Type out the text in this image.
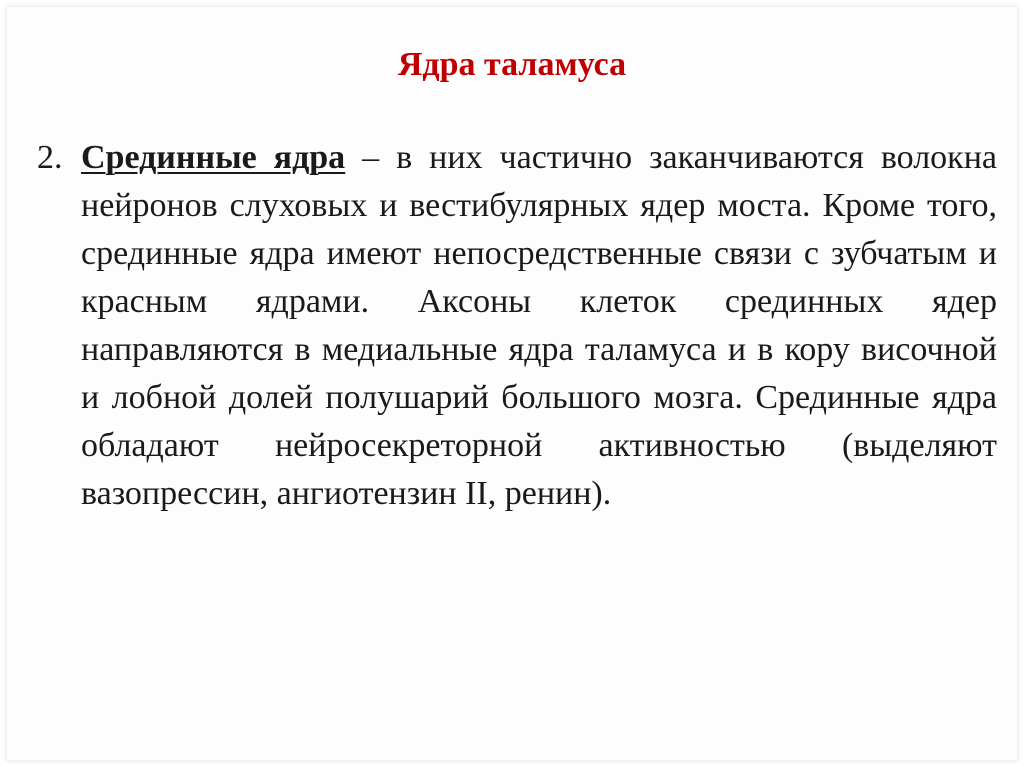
Ядра таламуса
2. Срединные ядра – в них частично заканчиваются волокна нейронов слуховых и вестибулярных ядер моста. Кроме того, срединные ядра имеют непосредственные связи с зубчатым и красным ядрами. Аксоны клеток срединных ядер направляются в медиальные ядра таламуса и в кору височной и лобной долей полушарий большого мозга. Срединные ядра обладают нейросекреторной активностью (выделяют вазопрессин, ангиотензин II, ренин).
